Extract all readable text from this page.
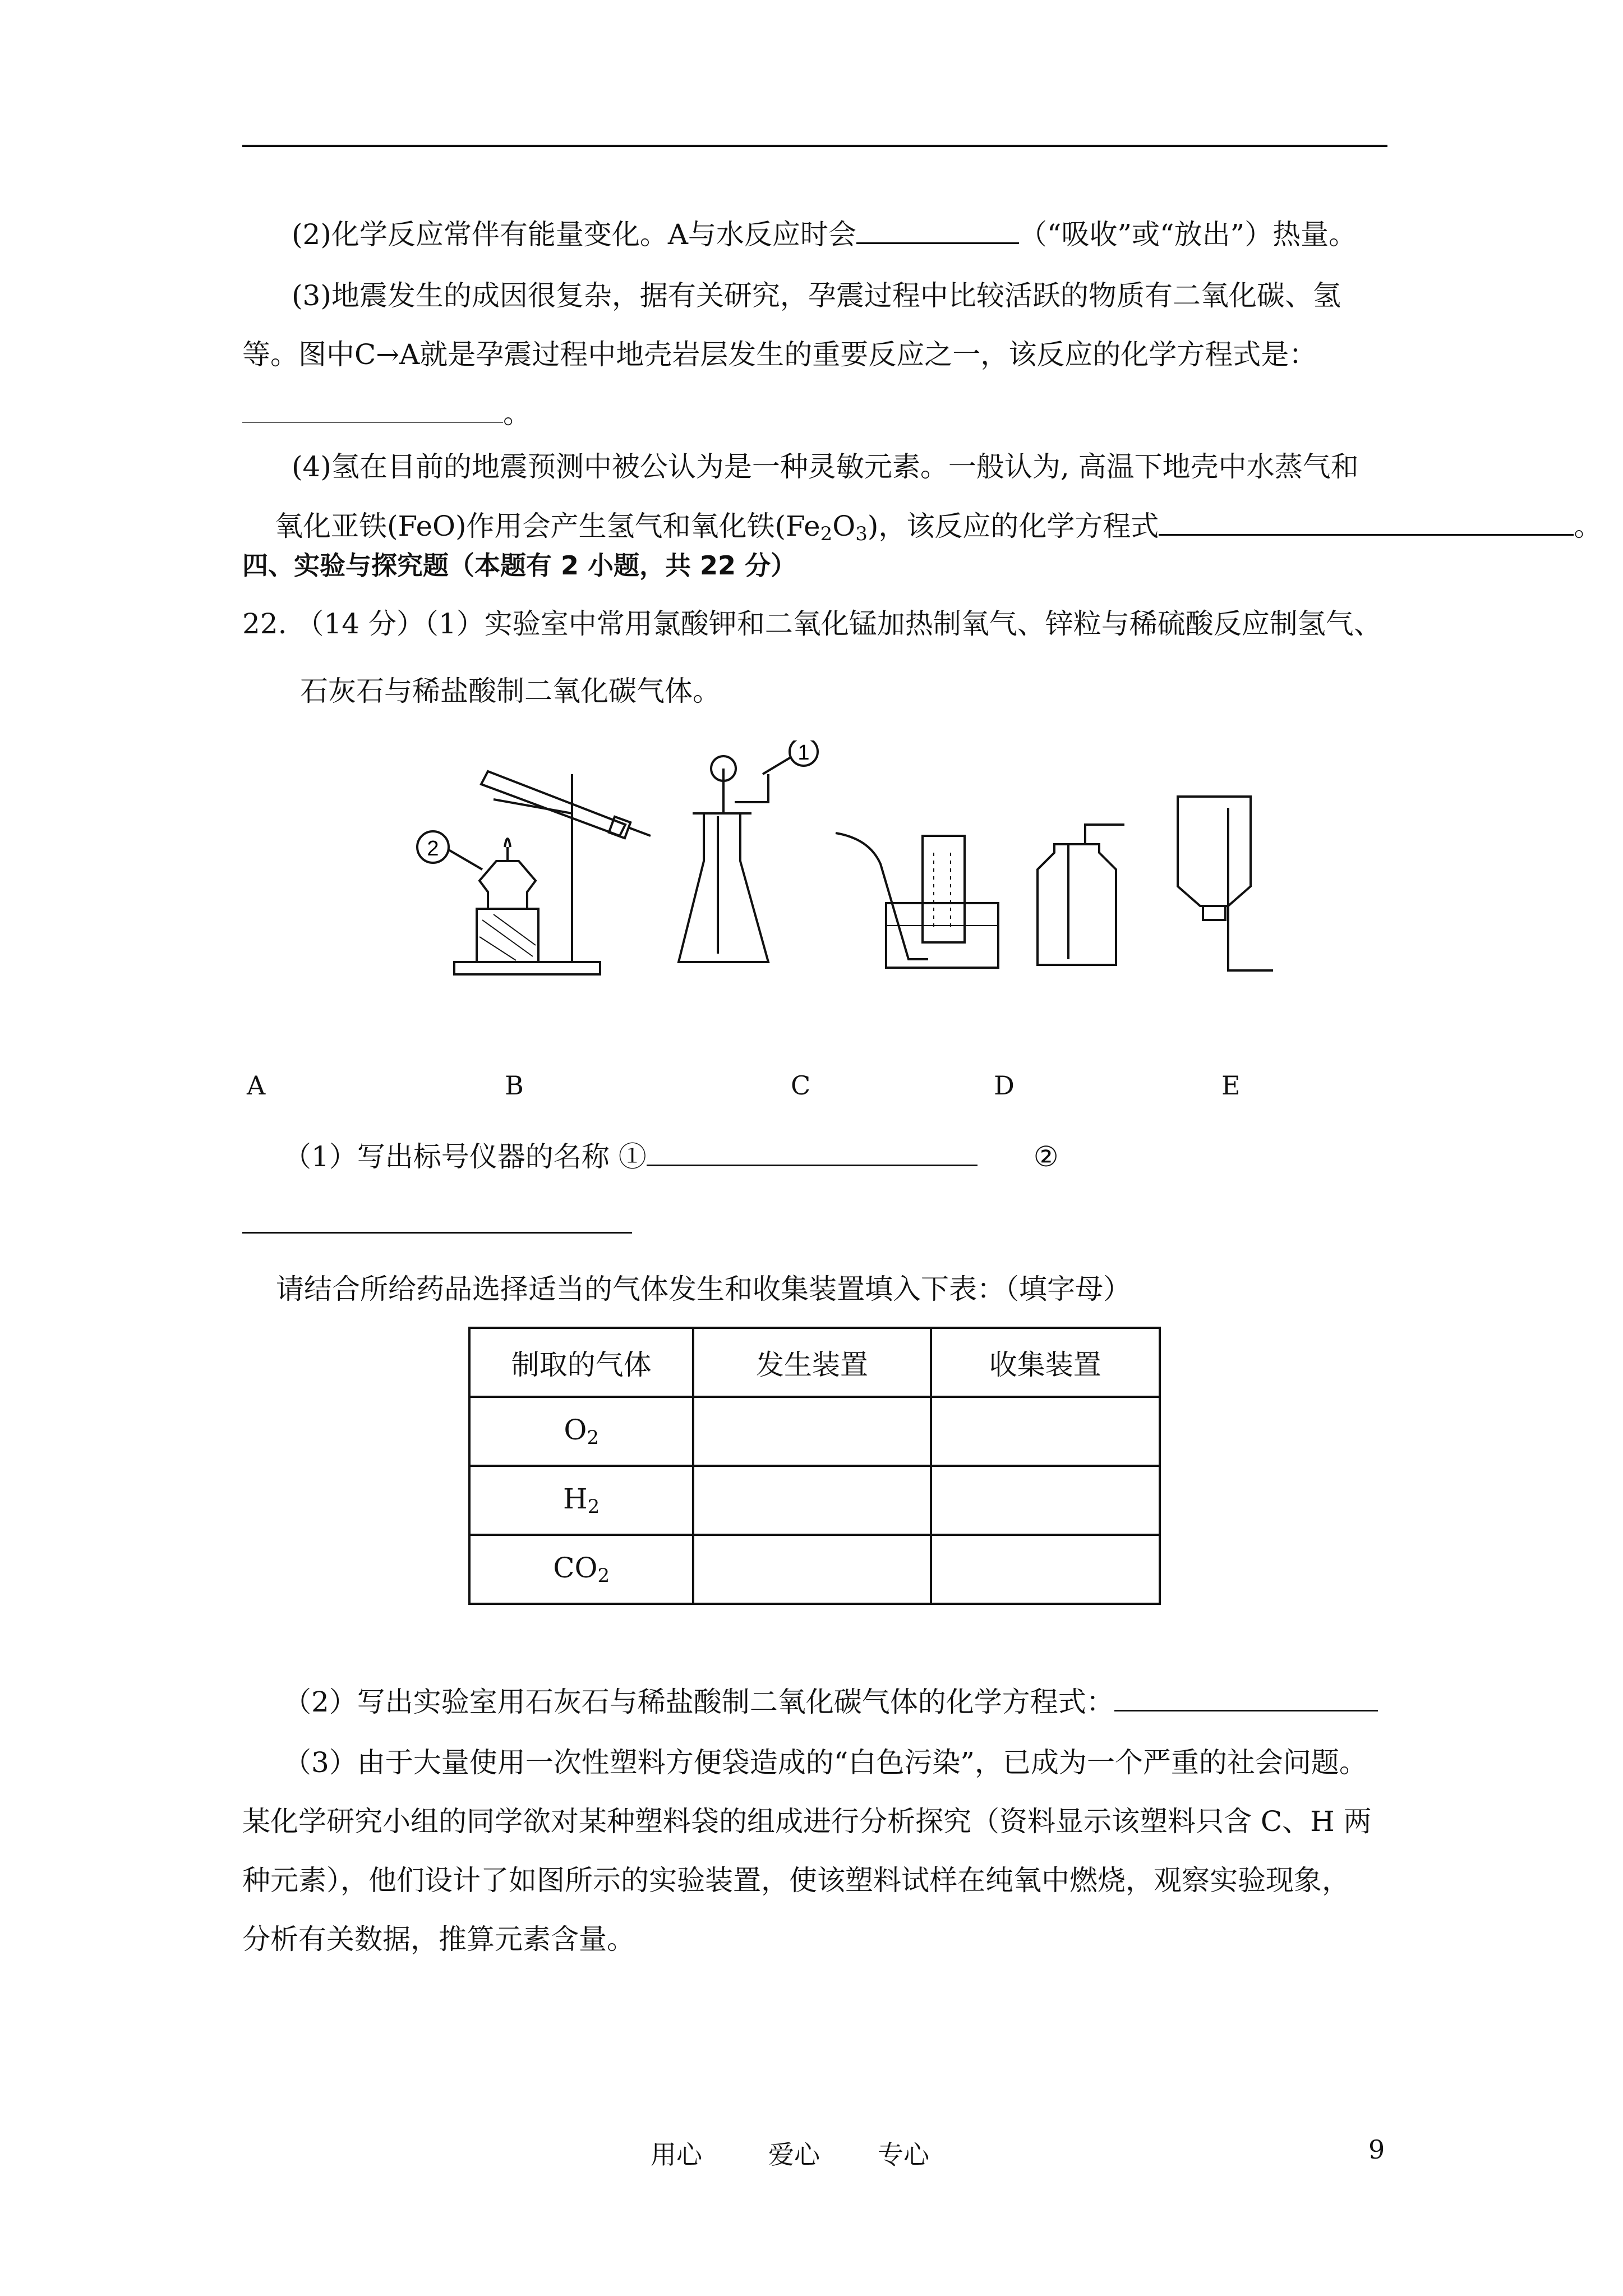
(2)化学反应常伴有能量变化。A与水反应时会	（“吸收”或“放出”）热量。
(3)地震发生的成因很复杂，据有关研究，孕震过程中比较活跃的物质有二氧化碳、氢
等。图中C→A就是孕震过程中地壳岩层发生的重要反应之一，该反应的化学方程式是：
。
(4)氢在目前的地震预测中被公认为是一种灵敏元素。一般认为, 高温下地壳中水蒸气和
氧化亚铁(FeO)作用会产生氢气和氧化铁$(Fe_2O_3)$，该反应的化学方程式	。
四、实验与探究题（本题有 2 小题，共 22 分）
22. （14 分）（1）实验室中常用氯酸钾和二氧化锰加热制氧气、锌粒与稀硫酸反应制氢气、
石灰石与稀盐酸制二氧化碳气体。
2
1
A	B	C	D	E
（1）写出标号仪器的名称 ①	②
请结合所给药品选择适当的气体发生和收集装置填入下表：（填字母）
制取的气体	发生装置	收集装置
$O_2$		
$H_2$		
$CO_2$		
（2）写出实验室用石灰石与稀盐酸制二氧化碳气体的化学方程式：
（3）由于大量使用一次性塑料方便袋造成的“白色污染”，已成为一个严重的社会问题。
某化学研究小组的同学欲对某种塑料袋的组成进行分析探究（资料显示该塑料只含 C、H 两
种元素），他们设计了如图所示的实验装置，使该塑料试样在纯氧中燃烧，观察实验现象，
分析有关数据，推算元素含量。
用心	爱心 专心	9
